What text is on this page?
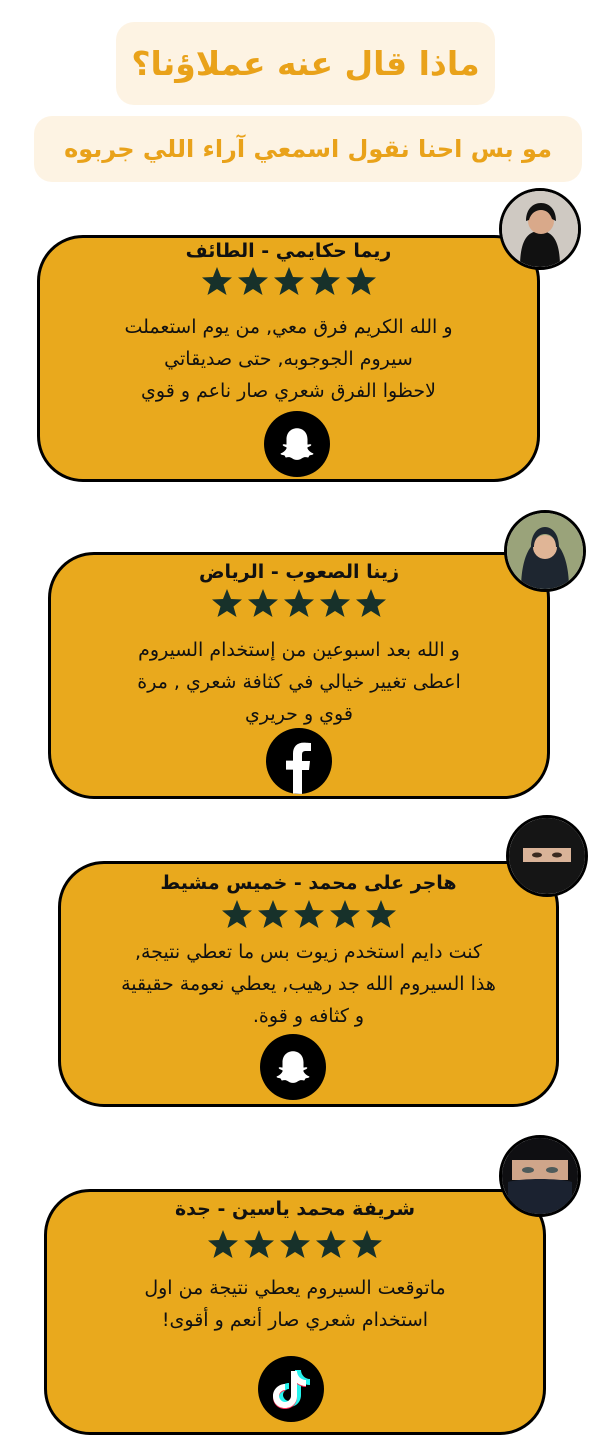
ماذا قال عنه عملاؤنا؟
مو بس احنا نقول اسمعي آراء اللي جربوه
ريما حكايمي - الطائف
و الله الكريم فرق معي, من يوم استعملت
سيروم الجوجوبه, حتى صديقاتي
لاحظوا الفرق شعري صار ناعم و قوي
زينا الصعوب - الرياض
و الله بعد اسبوعين من إستخدام السيروم
اعطى تغيير خيالي في كثافة شعري , مرة
قوي و حريري
هاجر على محمد - خميس مشيط
كنت دايم استخدم زيوت بس ما تعطي نتيجة,
هذا السيروم الله جد رهيب, يعطي نعومة حقيقية
و كثافه و قوة.
شريفة محمد ياسين - جدة
ماتوقعت السيروم يعطي نتيجة من اول
استخدام شعري صار أنعم و أقوى!
